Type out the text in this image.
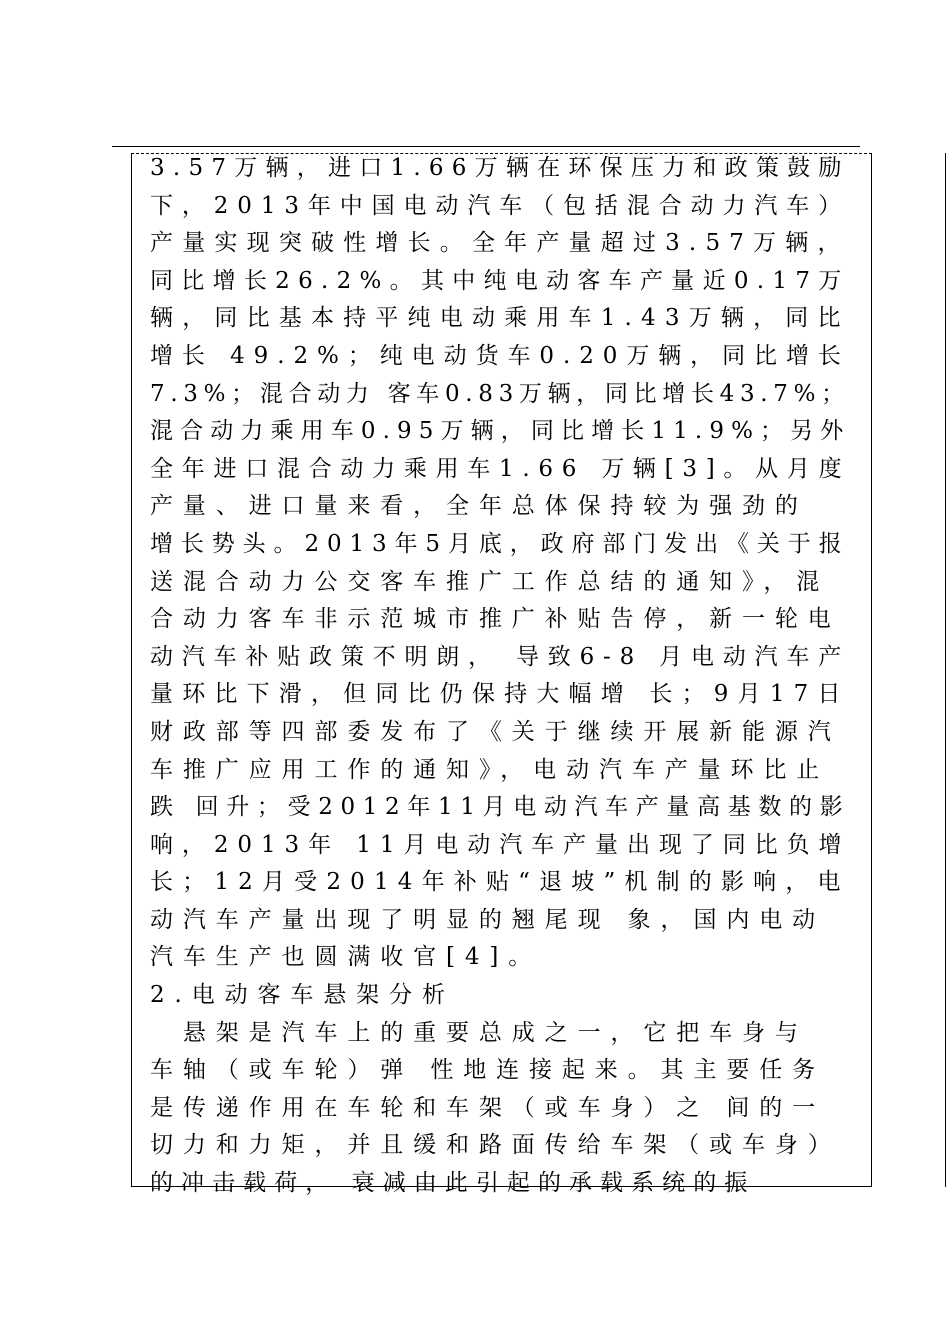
3.57万辆，进口1.66万辆在环保压力和政策鼓励
下，2013年中国电动汽车（包括混合动力汽车）
产量实现突破性增长。全年产量超过3.57万辆，
同比增长26.2%。其中纯电动客车产量近0.17万
辆，同比基本持平纯电动乘用车1.43万辆，同比
增长 49.2%；纯电动货车0.20万辆，同比增长
7.3%；混合动力 客车0.83万辆，同比增长43.7%；
混合动力乘用车0.95万辆，同比增长11.9%；另外
全年进口混合动力乘用车1.66 万辆[3]。从月度
产量、进口量来看，全年总体保持较为强劲的
增长势头。2013年5月底，政府部门发出《关于报
送混合动力公交客车推广工作总结的通知》，混
合动力客车非示范城市推广补贴告停，新一轮电
动汽车补贴政策不明朗， 导致6-8 月电动汽车产
量环比下滑，但同比仍保持大幅增 长；9月17日
财政部等四部委发布了《关于继续开展新能源汽
车推广应用工作的通知》，电动汽车产量环比止
跌 回升；受2012年11月电动汽车产量高基数的影
响，2013年 11月电动汽车产量出现了同比负增
长；12月受2014年补贴“退坡”机制的影响，电
动汽车产量出现了明显的翘尾现 象，国内电动
汽车生产也圆满收官[4]。
2.电动客车悬架分析
　悬架是汽车上的重要总成之一，它把车身与
车轴（或车轮）弹 性地连接起来。其主要任务
是传递作用在车轮和车架（或车身）之 间的一
切力和力矩，并且缓和路面传给车架（或车身）
的冲击载荷， 衰减由此引起的承载系统的振
